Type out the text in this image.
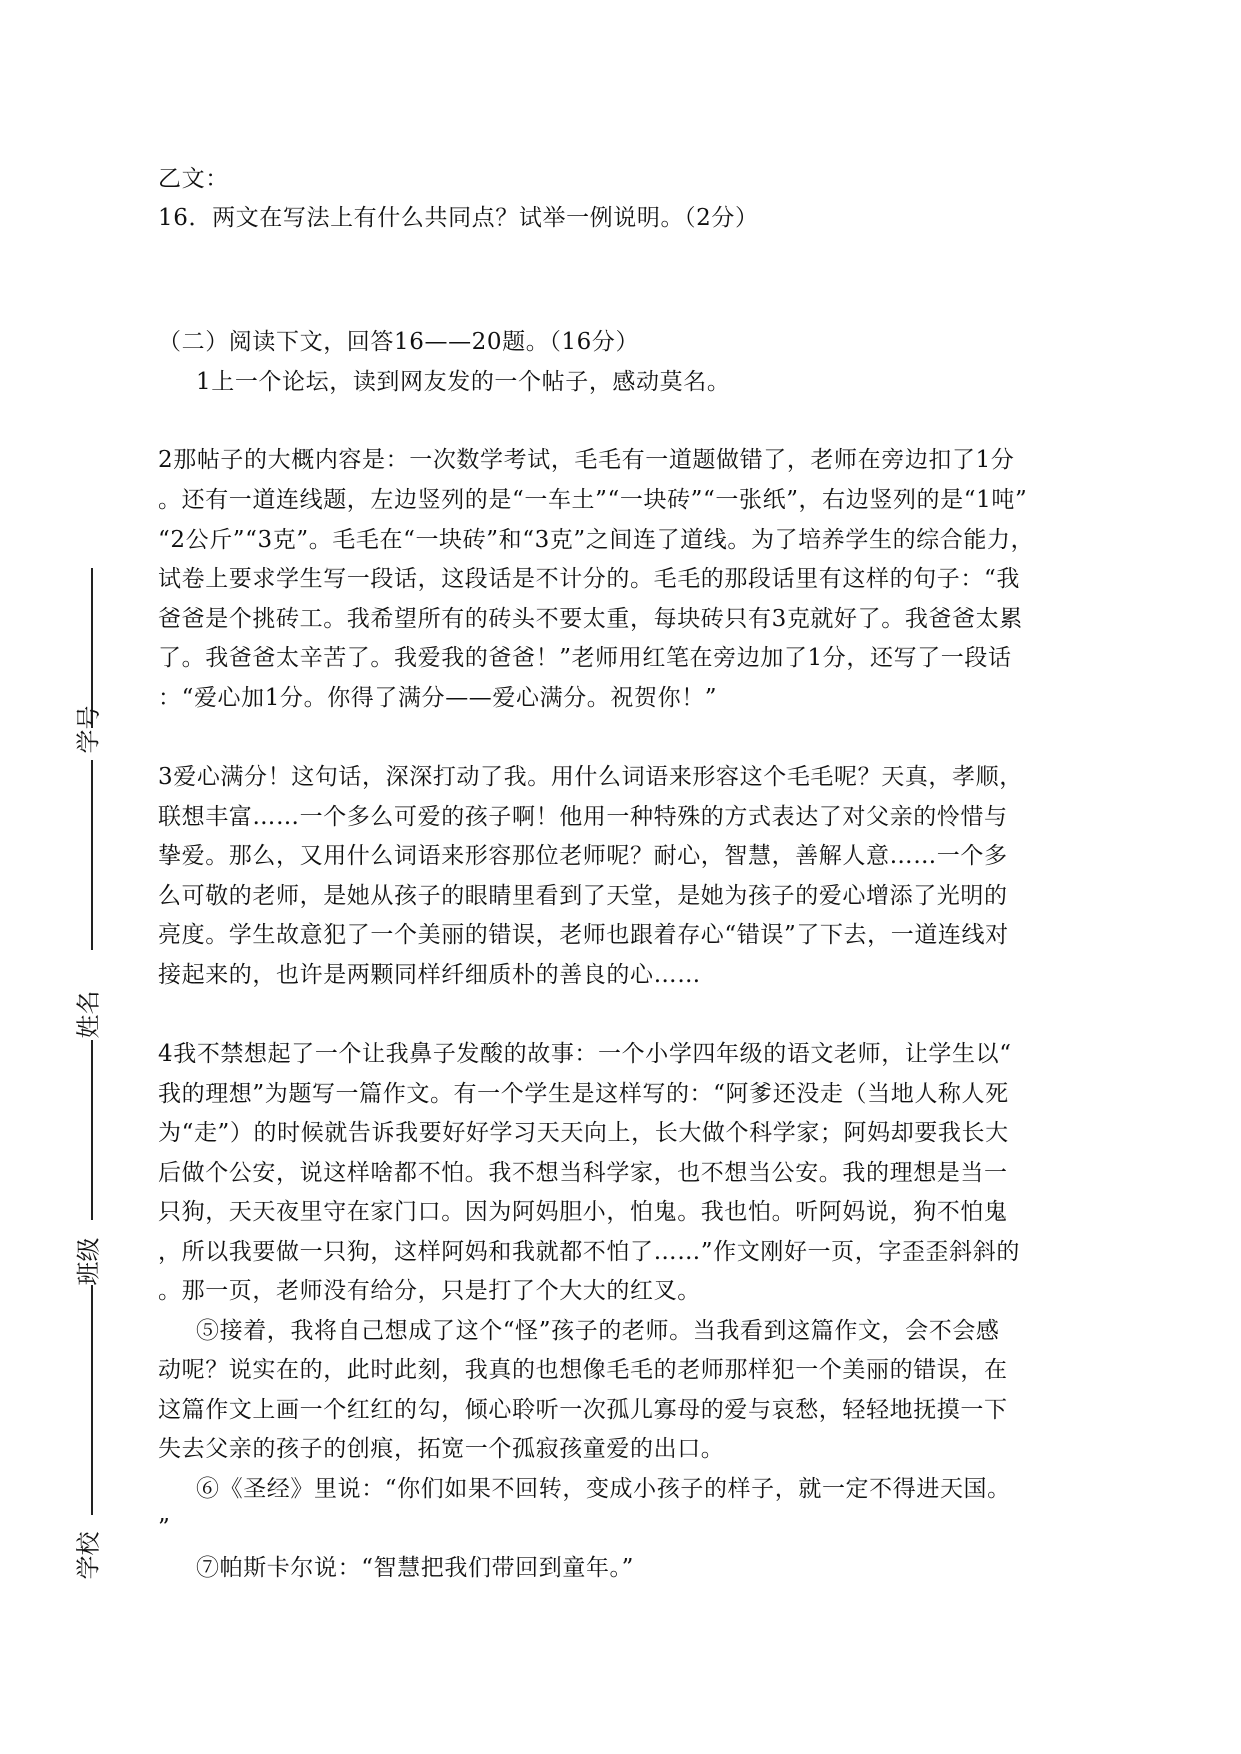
乙文：
16．两文在写法上有什么共同点？试举一例说明。（2分）
（二）阅读下文，回答16——20题。（16分）
1上一个论坛，读到网友发的一个帖子，感动莫名。
2那帖子的大概内容是：一次数学考试，毛毛有一道题做错了，老师在旁边扣了1分
。还有一道连线题，左边竖列的是“一车土”“一块砖”“一张纸”，右边竖列的是“1吨”
“2公斤”“3克”。毛毛在“一块砖”和“3克”之间连了道线。为了培养学生的综合能力，
试卷上要求学生写一段话，这段话是不计分的。毛毛的那段话里有这样的句子：“我
爸爸是个挑砖工。我希望所有的砖头不要太重，每块砖只有3克就好了。我爸爸太累
了。我爸爸太辛苦了。我爱我的爸爸！”老师用红笔在旁边加了1分，还写了一段话
：“爱心加1分。你得了满分——爱心满分。祝贺你！”
3爱心满分！这句话，深深打动了我。用什么词语来形容这个毛毛呢？天真，孝顺，
联想丰富……一个多么可爱的孩子啊！他用一种特殊的方式表达了对父亲的怜惜与
挚爱。那么，又用什么词语来形容那位老师呢？耐心，智慧，善解人意……一个多
么可敬的老师，是她从孩子的眼睛里看到了天堂，是她为孩子的爱心增添了光明的
亮度。学生故意犯了一个美丽的错误，老师也跟着存心“错误”了下去，一道连线对
接起来的，也许是两颗同样纤细质朴的善良的心……
4我不禁想起了一个让我鼻子发酸的故事：一个小学四年级的语文老师，让学生以“
我的理想”为题写一篇作文。有一个学生是这样写的：“阿爹还没走（当地人称人死
为“走”）的时候就告诉我要好好学习天天向上，长大做个科学家；阿妈却要我长大
后做个公安，说这样啥都不怕。我不想当科学家，也不想当公安。我的理想是当一
只狗，天天夜里守在家门口。因为阿妈胆小，怕鬼。我也怕。听阿妈说，狗不怕鬼
，所以我要做一只狗，这样阿妈和我就都不怕了……”作文刚好一页，字歪歪斜斜的
。那一页，老师没有给分，只是打了个大大的红叉。
⑤接着，我将自己想成了这个“怪”孩子的老师。当我看到这篇作文，会不会感
动呢？说实在的，此时此刻，我真的也想像毛毛的老师那样犯一个美丽的错误，在
这篇作文上画一个红红的勾，倾心聆听一次孤儿寡母的爱与哀愁，轻轻地抚摸一下
失去父亲的孩子的创痕，拓宽一个孤寂孩童爱的出口。
⑥《圣经》里说：“你们如果不回转，变成小孩子的样子，就一定不得进天国。
”
⑦帕斯卡尔说：“智慧把我们带回到童年。”
学号
姓名
班级
学校
